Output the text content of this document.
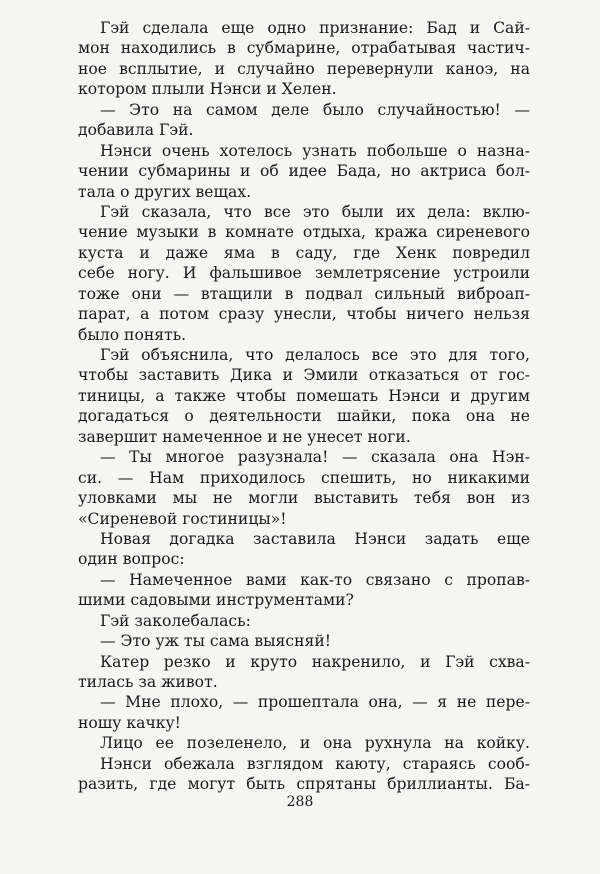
Гэй сделала еще одно признание: Бад и Сай-
мон находились в субмарине, отрабатывая частич-
ное всплытие, и случайно перевернули каноэ, на
котором плыли Нэнси и Хелен.
— Это на самом деле было случайностью! —
добавила Гэй.
Нэнси очень хотелось узнать побольше о назна-
чении субмарины и об идее Бада, но актриса бол-
тала о других вещах.
Гэй сказала, что все это были их дела: вклю-
чение музыки в комнате отдыха, кража сиреневого
куста и даже яма в саду, где Хенк повредил
себе ногу. И фальшивое землетрясение устроили
тоже они — втащили в подвал сильный виброап-
парат, а потом сразу унесли, чтобы ничего нельзя
было понять.
Гэй объяснила, что делалось все это для того,
чтобы заставить Дика и Эмили отказаться от гос-
тиницы, а также чтобы помешать Нэнси и другим
догадаться о деятельности шайки, пока она не
завершит намеченное и не унесет ноги.
— Ты многое разузнала! — сказала она Нэн-
си. — Нам приходилось спешить, но никакими
уловками мы не могли выставить тебя вон из
«Сиреневой гостиницы»!
Новая догадка заставила Нэнси задать еще
один вопрос:
— Намеченное вами как-то связано с пропав-
шими садовыми инструментами?
Гэй заколебалась:
— Это уж ты сама выясняй!
Катер резко и круто накренило, и Гэй схва-
тилась за живот.
— Мне плохо, — прошептала она, — я не пере-
ношу качку!
Лицо ее позеленело, и она рухнула на койку.
Нэнси обежала взглядом каюту, стараясь сооб-
разить, где могут быть спрятаны бриллианты. Ба-
288
